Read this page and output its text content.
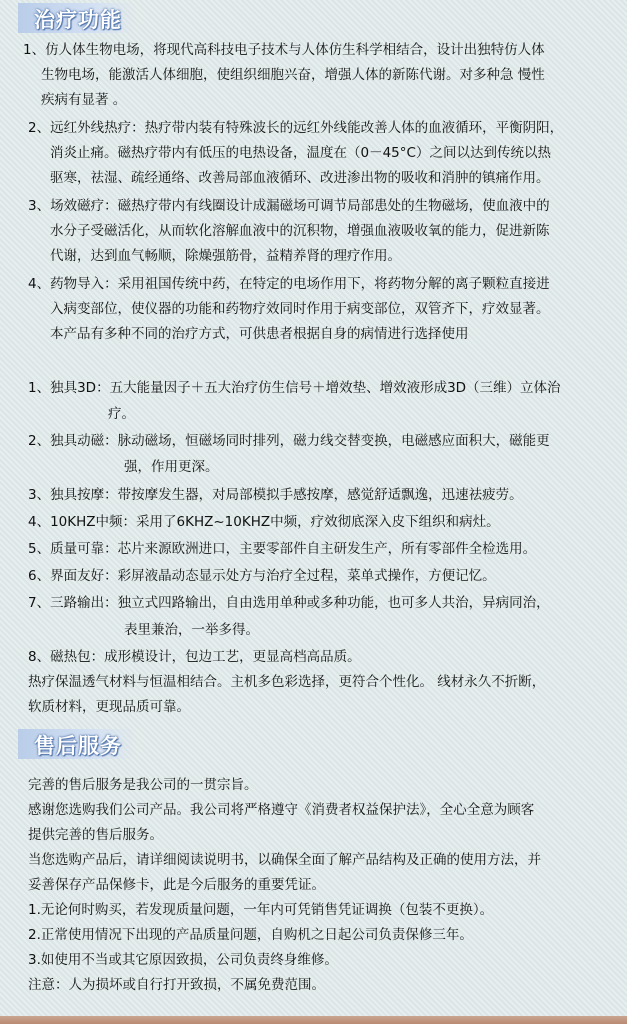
治疗功能
1、仿人体生物电场，将现代高科技电子技术与人体仿生科学相结合，设计出独特仿人体
生物电场，能激活人体细胞，使组织细胞兴奋，增强人体的新陈代谢。对多种急 慢性
疾病有显著 。
2、远红外线热疗：热疗带内装有特殊波长的远红外线能改善人体的血液循环，平衡阴阳，
消炎止痛。磁热疗带内有低压的电热设备，温度在（0－45°C）之间以达到传统以热
驱寒，祛湿、疏经通络、改善局部血液循环、改进渗出物的吸收和消肿的镇痛作用。
3、场效磁疗：磁热疗带内有线圈设计成漏磁场可调节局部患处的生物磁场，使血液中的
水分子受磁活化，从而软化溶解血液中的沉积物，增强血液吸收氧的能力，促进新陈
代谢，达到血气畅顺，除燥强筋骨，益精养肾的理疗作用。
4、药物导入：采用祖国传统中药，在特定的电场作用下，将药物分解的离子颗粒直接进
入病变部位，使仪器的功能和药物疗效同时作用于病变部位，双管齐下，疗效显著。
本产品有多种不同的治疗方式，可供患者根据自身的病情进行选择使用
1、独具3D：五大能量因子＋五大治疗仿生信号＋增效垫、增效液形成3D（三维）立体治
疗。
2、独具动磁：脉动磁场，恒磁场同时排列，磁力线交替变换，电磁感应面积大，磁能更
强，作用更深。
3、独具按摩：带按摩发生器，对局部模拟手感按摩，感觉舒适飘逸，迅速祛疲劳。
4、10KHZ中频：采用了6KHZ~10KHZ中频，疗效彻底深入皮下组织和病灶。
5、质量可靠：芯片来源欧洲进口，主要零部件自主研发生产，所有零部件全检选用。
6、界面友好：彩屏液晶动态显示处方与治疗全过程，菜单式操作，方便记忆。
7、三路输出：独立式四路输出，自由选用单种或多种功能，也可多人共治，异病同治，
表里兼治，一举多得。
8、磁热包：成形模设计，包边工艺，更显高档高品质。
热疗保温透气材料与恒温相结合。主机多色彩选择，更符合个性化。 线材永久不折断，
软质材料，更现品质可靠。
售后服务
完善的售后服务是我公司的一贯宗旨。
感谢您选购我们公司产品。我公司将严格遵守《消费者权益保护法》，全心全意为顾客
提供完善的售后服务。
当您选购产品后，请详细阅读说明书，以确保全面了解产品结构及正确的使用方法，并
妥善保存产品保修卡，此是今后服务的重要凭证。
1.无论何时购买，若发现质量问题，一年内可凭销售凭证调换（包装不更换）。
2.正常使用情况下出现的产品质量问题，自购机之日起公司负责保修三年。
3.如使用不当或其它原因致损，公司负责终身维修。
注意：人为损坏或自行打开致损，不属免费范围。
